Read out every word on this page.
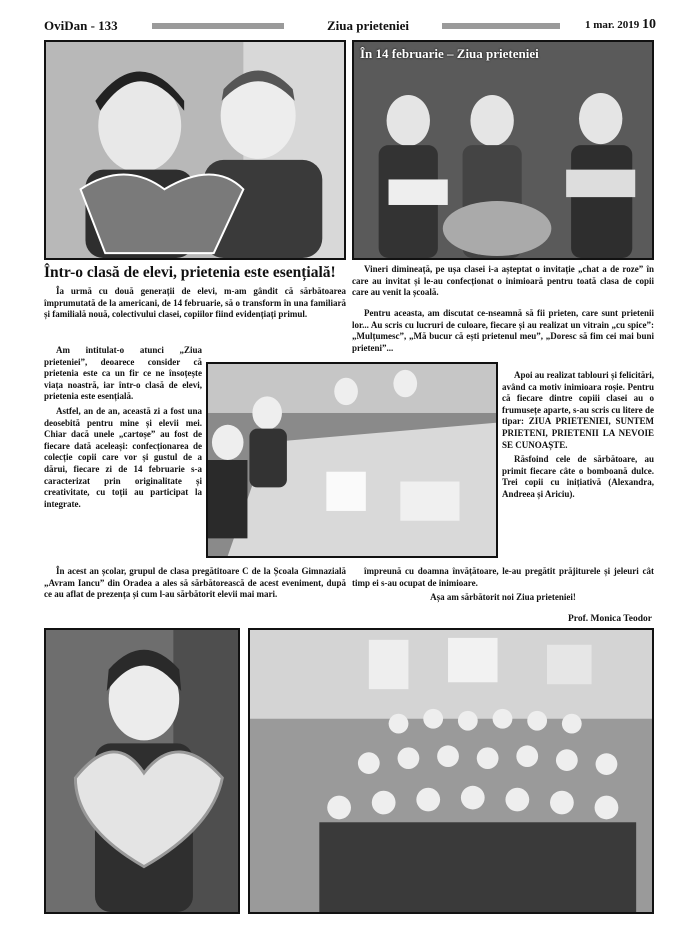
OviDan - 133	Ziua prieteniei	1 mar. 2019 10
În 14 februarie – Ziua prieteniei
Într-o clasă de elevi, prietenia este esențială!

Îa urmă cu două generații de elevi, m-am gândit că sărbătoarea împrumutată de la americani, de 14 februarie, să o transform în una familiară și familială nouă, colectivului clasei, copiilor fiind evidențiați primul.

Am intitulat-o atunci „Ziua prieteniei”, deoarece consider că prietenia este ca un fir ce ne însoțește viața noastră, iar într-o clasă de elevi, prietenia este esențială.

Astfel, an de an, această zi a fost una deosebită pentru mine și elevii mei. Chiar dacă unele „cartoșe” au fost de fiecare dată aceleași: confecționarea de colecție copii care vor și gustul de a dărui, fiecare zi de 14 februarie s-a caracterizat prin originalitate și creativitate, cu toții au participat la integrate.

În acest an școlar, grupul de clasa pregătitoare C de la Școala Gimnazială „Avram Iancu” din Oradea a ales să sărbătorească de acest eveniment, după ce au aflat de prezența și cum l-au sărbătorit elevii mai mari.

Vineri dimineață, pe ușa clasei i-a așteptat o invitație „chat a de roze” în care au invitat și le-au confecționat o inimioară pentru toată clasa de copii care au venit la școală.

Apoi au realizat tablouri și felicitări, având ca motiv inimioara roșie. Pentru că fiecare dintre copiii clasei au o frumusețe aparte, s-au scris cu litere de tipar: ZIUA PRIETENIEI, SUNTEM PRIETENI, PRIETENII LA NEVOIE SE CUNOAȘTE.

Răsfoind cele de sărbătoare, au primit fiecare câte o bomboană dulce. Trei copii cu inițiativă (Alexandra, Andreea și Ariciu).

Pentru aceasta, am discutat ce-nseamnă să fii prieten, care sunt prietenii lor... Au scris cu lucruri de culoare, fiecare și au realizat un vitrain „cu spice”: „Mulțumesc”, „Mă bucur că ești prietenul meu”, „Doresc să fim cei mai buni prieteni”...

împreună cu doamna învățătoare, le-au pregătit prăjiturele și jeleuri cât timp ei s-au ocupat de inimioare.

Așa am sărbătorit noi Ziua prieteniei!

Prof. Monica Teodor
